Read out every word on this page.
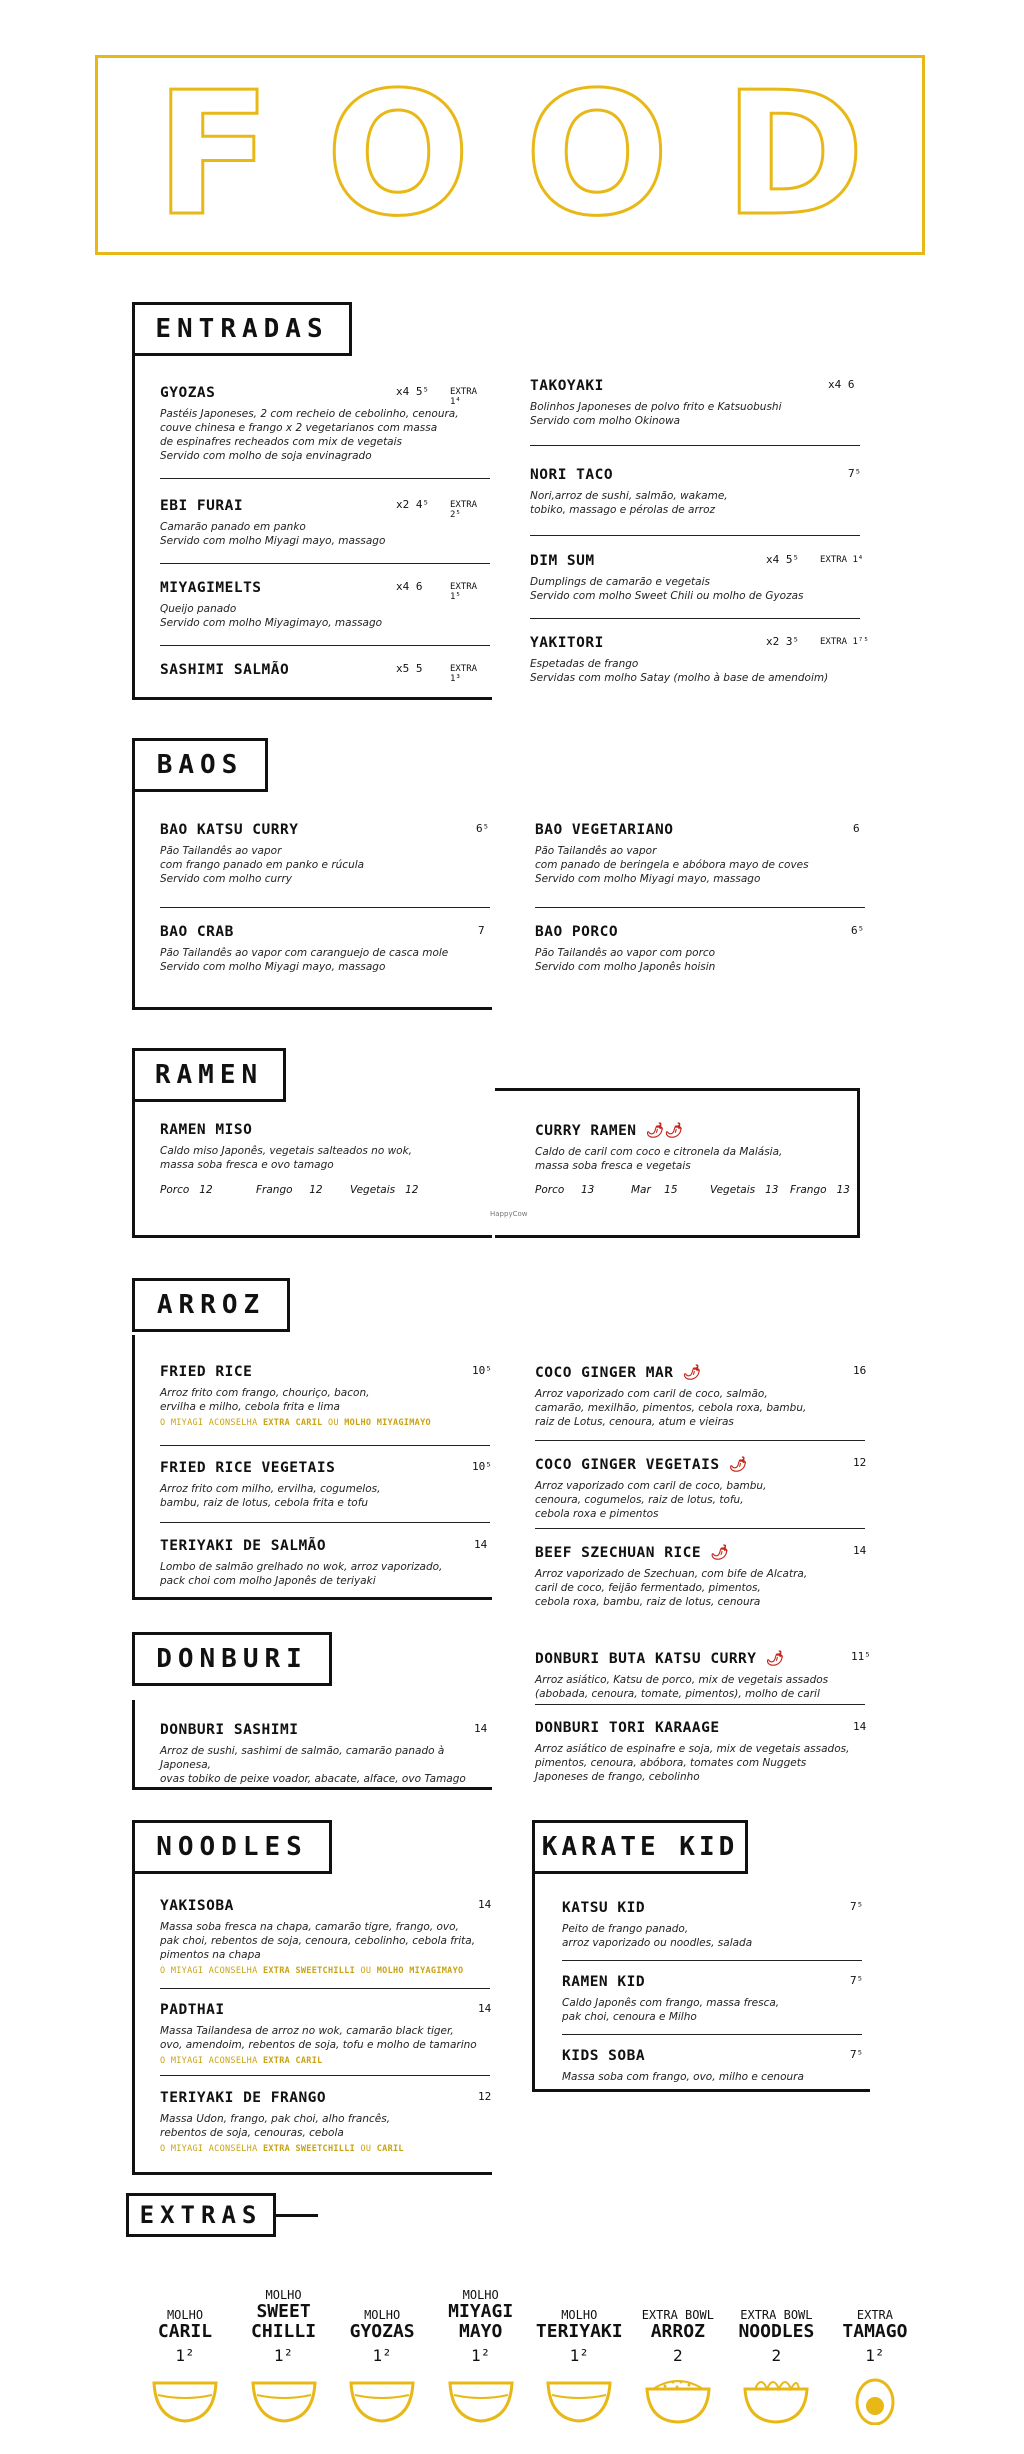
F O O D
ENTRADAS
GYOZAS	x4 5⁵ EXTRA 1⁴
Pastéis Japoneses, 2 com recheio de cebolinho, cenoura,
couve chinesa e frango x 2 vegetarianos com massa
de espinafres recheados com mix de vegetais
Servido com molho de soja envinagrado
EBI FURAI	x2 4⁵ EXTRA 2⁵
Camarão panado em panko
Servido com molho Miyagi mayo, massago
MIYAGIMELTS	x4 6	EXTRA 1⁵
Queijo panado
Servido com molho Miyagimayo, massago
SASHIMI SALMÃO	x5 5	EXTRA 1³
TAKOYAKI	x4 6
Bolinhos Japoneses de polvo frito e Katsuobushi
Servido com molho Okinowa
NORI TACO	7⁵
Nori,arroz de sushi, salmão, wakame,
tobiko, massago e pérolas de arroz
DIM SUM	x4 5⁵ EXTRA 1⁴
Dumplings de camarão e vegetais
Servido com molho Sweet Chili ou molho de Gyozas
YAKITORI	x2 3⁵ EXTRA 1⁷⁵
Espetadas de frango
Servidas com molho Satay (molho à base de amendoim)
BAOS
BAO KATSU CURRY	6⁵
Pão Tailandês ao vapor
com frango panado em panko e rúcula
Servido com molho curry
BAO CRAB	7
Pão Tailandês ao vapor com caranguejo de casca mole
Servido com molho Miyagi mayo, massago
BAO VEGETARIANO	6
Pão Tailandês ao vapor
com panado de beringela e abóbora mayo de coves
Servido com molho Miyagi mayo, massago
BAO PORCO	6⁵
Pão Tailandês ao vapor com porco
Servido com molho Japonês hoisin
RAMEN
RAMEN MISO
Caldo miso Japonês, vegetais salteados no wok,
massa soba fresca e ovo tamago
Porco 12	Frango 12	Vegetais 12
CURRY RAMEN 🌶🌶
Caldo de caril com coco e citronela da Malásia,
massa soba fresca e vegetais
Porco 13	Mar 15	Vegetais 13 Frango 13
HappyCow
ARROZ
FRIED RICE	10⁵
Arroz frito com frango, chouriço, bacon,
ervilha e milho, cebola frita e lima
O MIYAGI ACONSELHA EXTRA CARIL OU MOLHO MIYAGIMAYO
FRIED RICE VEGETAIS	10⁵
Arroz frito com milho, ervilha, cogumelos,
bambu, raiz de lotus, cebola frita e tofu
TERIYAKI DE SALMÃO	14
Lombo de salmão grelhado no wok, arroz vaporizado,
pack choi com molho Japonês de teriyaki
COCO GINGER MAR 🌶	16
Arroz vaporizado com caril de coco, salmão,
camarão, mexilhão, pimentos, cebola roxa, bambu,
raiz de Lotus, cenoura, atum e vieiras
COCO GINGER VEGETAIS 🌶	12
Arroz vaporizado com caril de coco, bambu,
cenoura, cogumelos, raiz de lotus, tofu,
cebola roxa e pimentos
BEEF SZECHUAN RICE 🌶	14
Arroz vaporizado de Szechuan, com bife de Alcatra,
caril de coco, feijão fermentado, pimentos,
cebola roxa, bambu, raiz de lotus, cenoura
DONBURI
DONBURI SASHIMI	14
Arroz de sushi, sashimi de salmão, camarão panado à Japonesa,
ovas tobiko de peixe voador, abacate, alface, ovo Tamago
DONBURI BUTA KATSU CURRY 🌶	11⁵
Arroz asiático, Katsu de porco, mix de vegetais assados
(abobada, cenoura, tomate, pimentos), molho de caril
DONBURI TORI KARAAGE	14
Arroz asiático de espinafre e soja, mix de vegetais assados,
pimentos, cenoura, abóbora, tomates com Nuggets
Japoneses de frango, cebolinho
NOODLES
YAKISOBA	14
Massa soba fresca na chapa, camarão tigre, frango, ovo,
pak choi, rebentos de soja, cenoura, cebolinho, cebola frita,
pimentos na chapa
O MIYAGI ACONSELHA EXTRA SWEETCHILLI OU MOLHO MIYAGIMAYO
PADTHAI	14
Massa Tailandesa de arroz no wok, camarão black tiger,
ovo, amendoim, rebentos de soja, tofu e molho de tamarino
O MIYAGI ACONSELHA EXTRA CARIL
TERIYAKI DE FRANGO	12
Massa Udon, frango, pak choi, alho francês,
rebentos de soja, cenouras, cebola
O MIYAGI ACONSELHA EXTRA SWEETCHILLI OU CARIL
KARATE KID
KATSU KID	7⁵
Peito de frango panado,
arroz vaporizado ou noodles, salada
RAMEN KID	7⁵
Caldo Japonês com frango, massa fresca,
pak choi, cenoura e Milho
KIDS SOBA	7⁵
Massa soba com frango, ovo, milho e cenoura
EXTRAS
MOLHO
CARIL
1²
MOLHO
SWEET
CHILLI
1²
MOLHO
GYOZAS
1²
MOLHO
MIYAGI
MAYO
1²
MOLHO
TERIYAKI
1²
EXTRA BOWL
ARROZ
2
EXTRA BOWL
NOODLES
2
EXTRA
TAMAGO
1²
